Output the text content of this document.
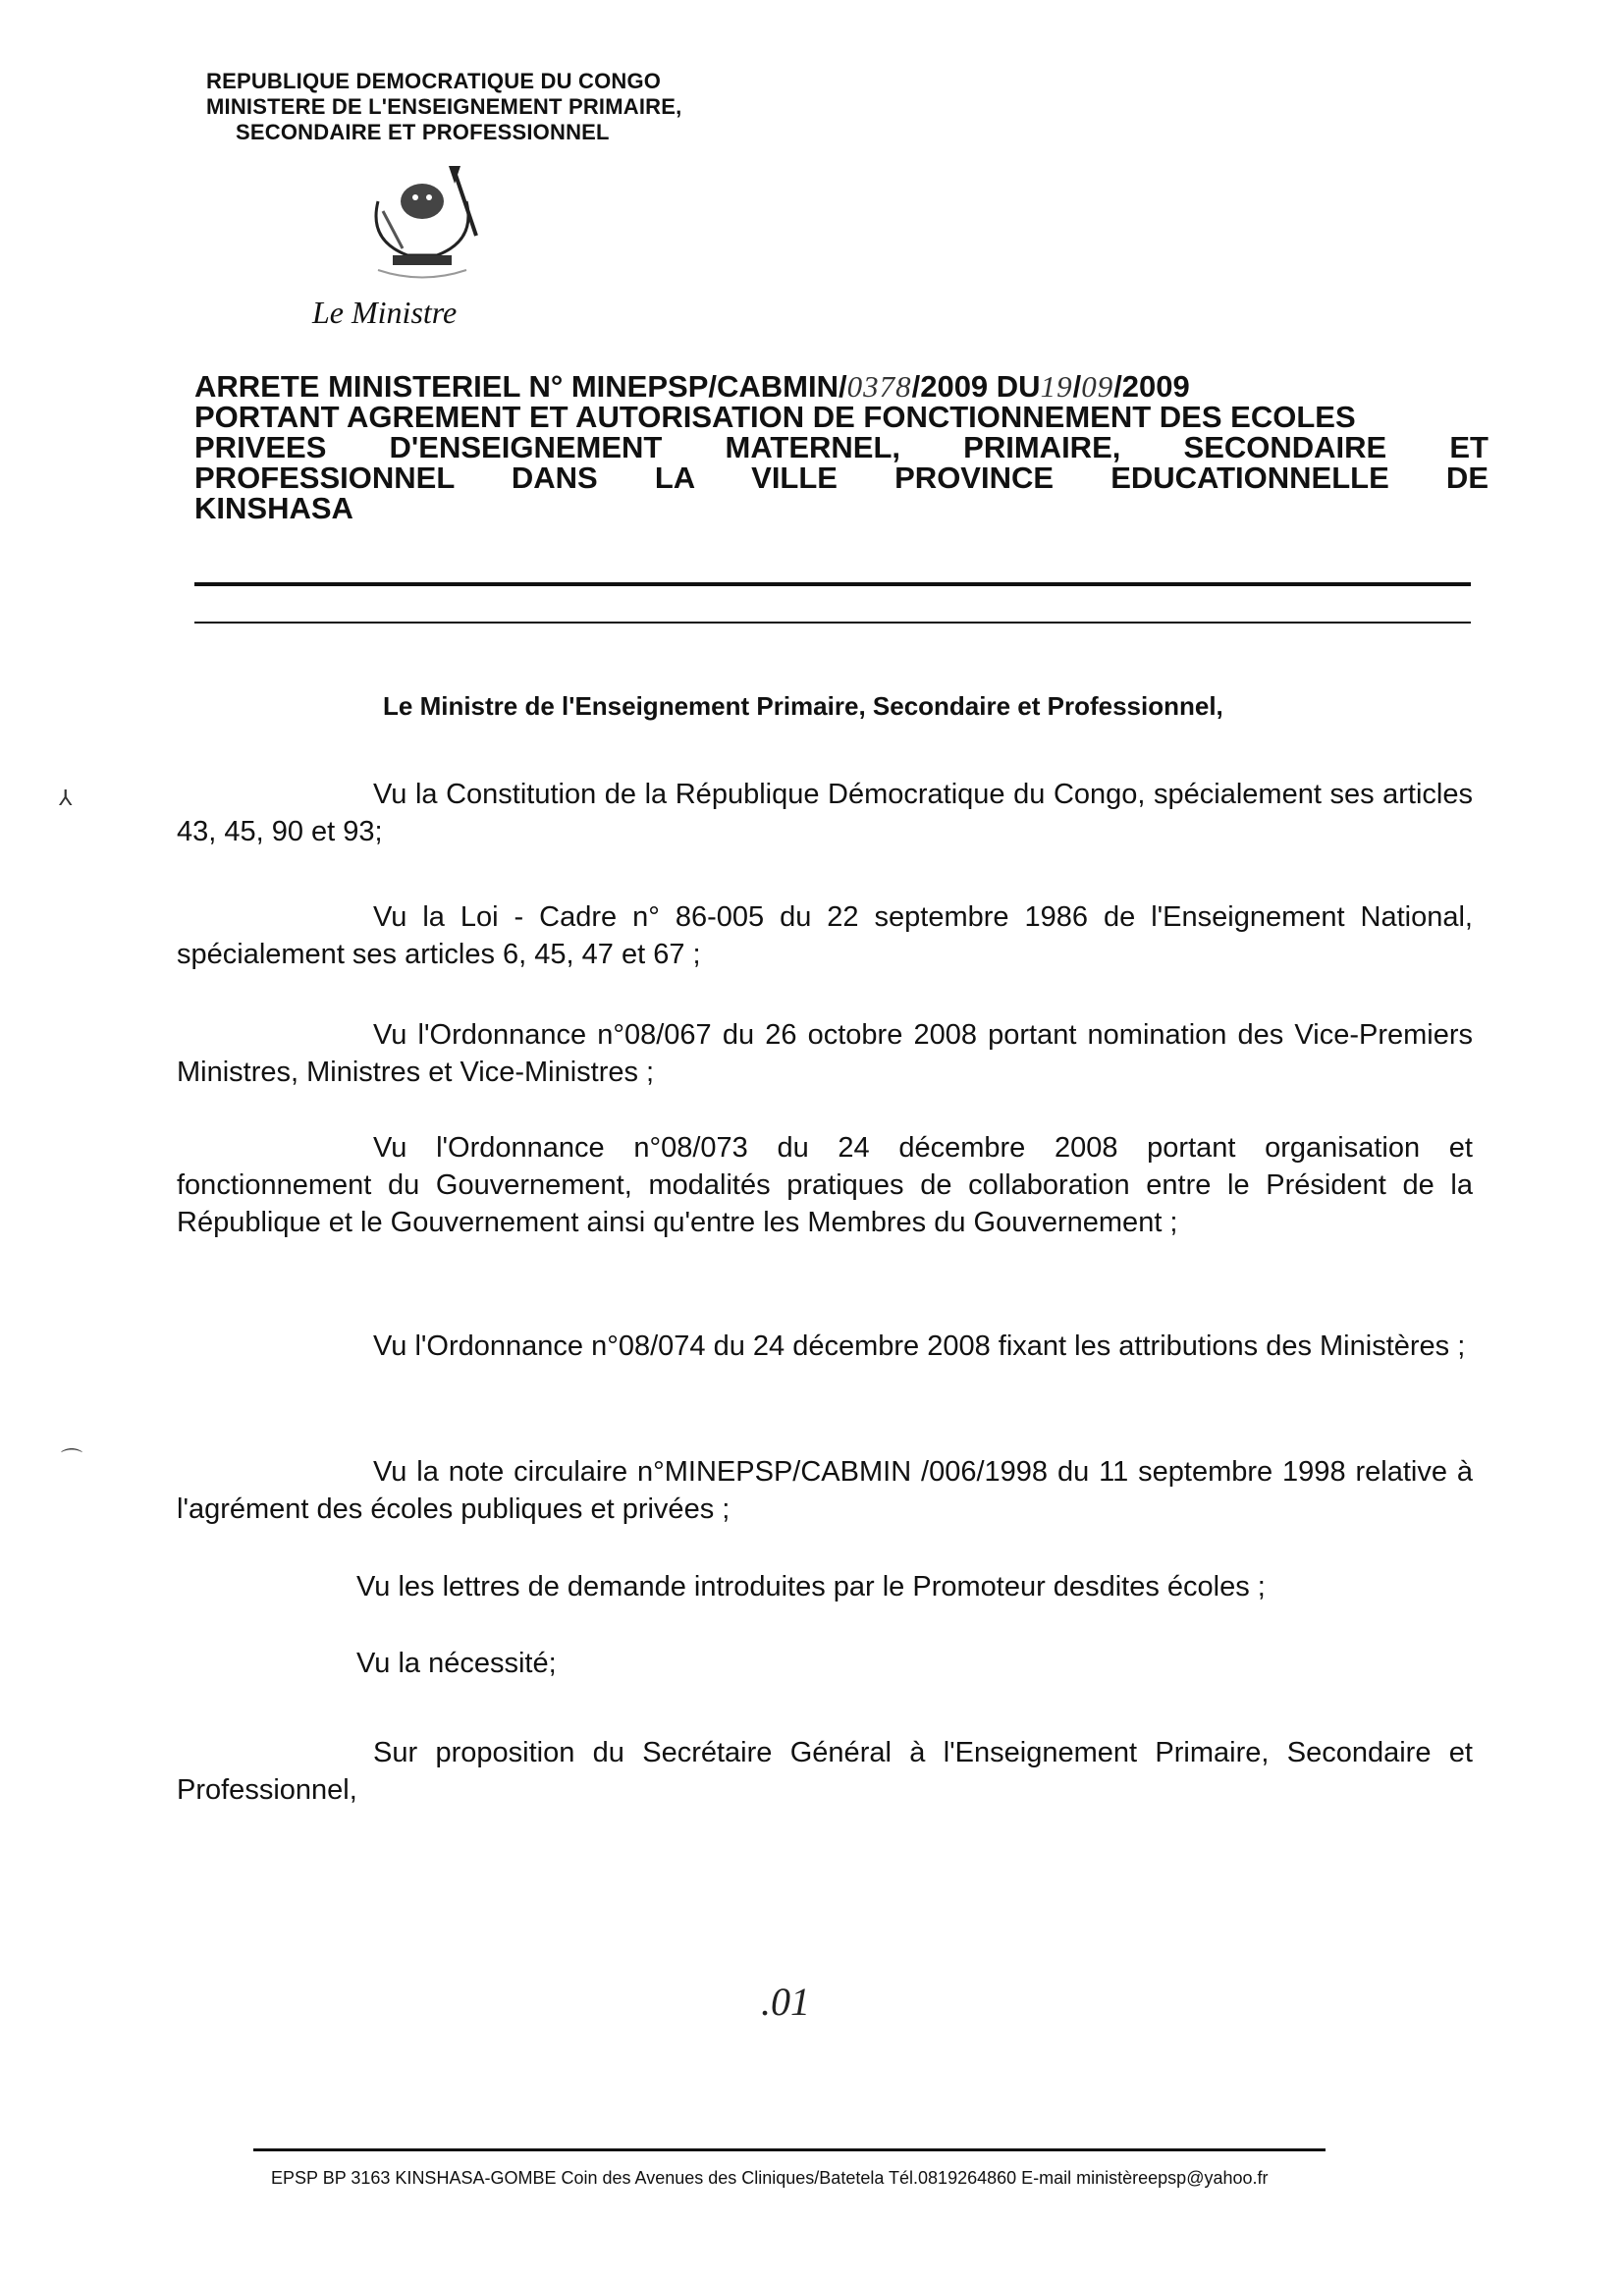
REPUBLIQUE DEMOCRATIQUE DU CONGO
MINISTERE DE L'ENSEIGNEMENT PRIMAIRE,
SECONDAIRE ET PROFESSIONNEL
Le Ministre
ARRETE MINISTERIEL N° MINEPSP/CABMIN/0378/2009 DU19/09/2009
PORTANT AGREMENT ET AUTORISATION DE FONCTIONNEMENT DES ECOLES
PRIVEES D'ENSEIGNEMENT MATERNEL, PRIMAIRE, SECONDAIRE ET
PROFESSIONNEL DANS LA VILLE PROVINCE EDUCATIONNELLE DE
KINSHASA
Le Ministre de l'Enseignement Primaire, Secondaire et Professionnel,
Vu la Constitution de la République Démocratique du Congo, spécialement ses articles 43, 45, 90 et 93;
Vu la Loi - Cadre n° 86-005 du 22 septembre 1986 de l'Enseignement National, spécialement ses articles 6, 45, 47 et 67 ;
Vu l'Ordonnance n°08/067 du 26 octobre 2008 portant nomination des Vice-Premiers Ministres, Ministres et Vice-Ministres ;
Vu l'Ordonnance n°08/073 du 24 décembre 2008 portant organisation et fonctionnement du Gouvernement, modalités pratiques de collaboration entre le Président de la République et le Gouvernement ainsi qu'entre les Membres du Gouvernement ;
Vu l'Ordonnance n°08/074 du 24 décembre 2008 fixant les attributions des Ministères ;
Vu la note circulaire n°MINEPSP/CABMIN /006/1998 du 11 septembre 1998 relative à l'agrément des écoles publiques et privées ;
Vu les lettres de demande introduites par le Promoteur desdites écoles ;
Vu la nécessité;
Sur proposition du Secrétaire Général à l'Enseignement Primaire, Secondaire et Professionnel,
⅄
⌒
.01
EPSP BP 3163 KINSHASA-GOMBE Coin des Avenues des Cliniques/Batetela Tél.0819264860 E-mail ministèreepsp@yahoo.fr
